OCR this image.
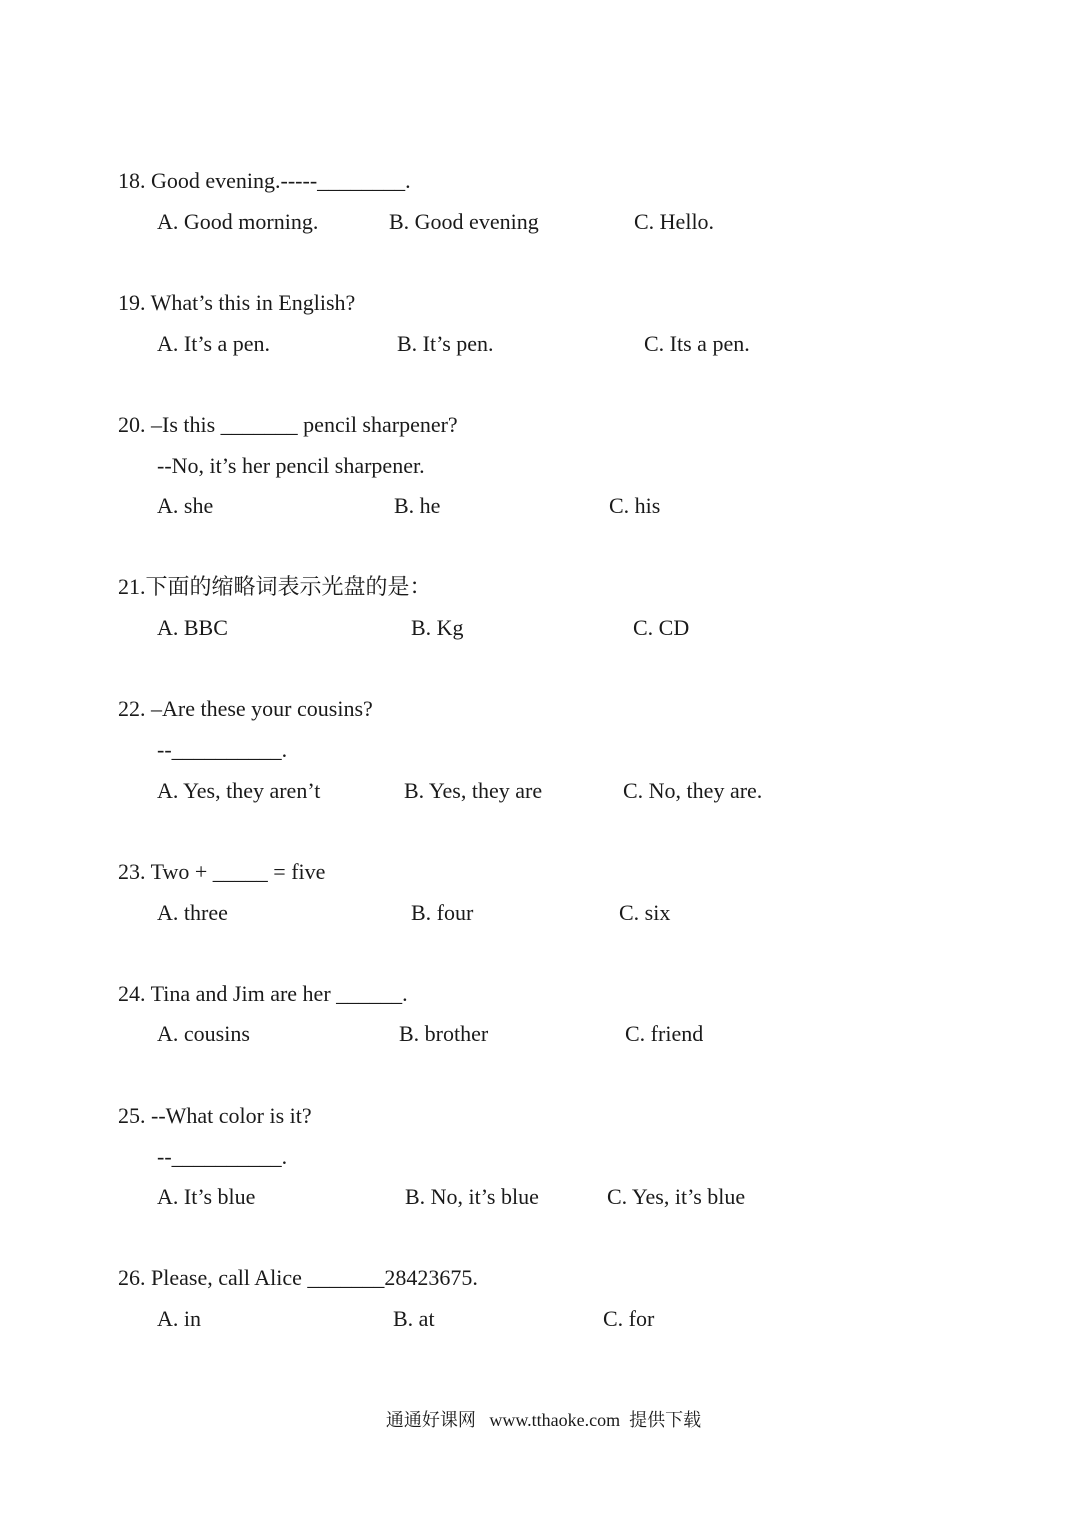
18. Good evening.-----________.
A. Good morning.	B. Good evening	C. Hello.
19. What’s this in English?
A. It’s a pen.	B. It’s pen.	C. Its a pen.
20. –Is this _______ pencil sharpener?
--No, it’s her pencil sharpener.
A. she	B. he	C. his
21.下面的缩略词表示光盘的是：
A. BBC	B. Kg	C. CD
22. –Are these your cousins?
--__________.
A. Yes, they aren’t	B. Yes, they are	C. No, they are.
23. Two + _____ = five
A. three	B. four	C. six
24. Tina and Jim are her ______.
A. cousins	B. brother	C. friend
25. --What color is it?
--__________.
A. It’s blue	B. No, it’s blue	C. Yes, it’s blue
26. Please, call Alice _______28423675.
A. in	B. at	C. for
通通好课网   www.tthaoke.com  提供下载
